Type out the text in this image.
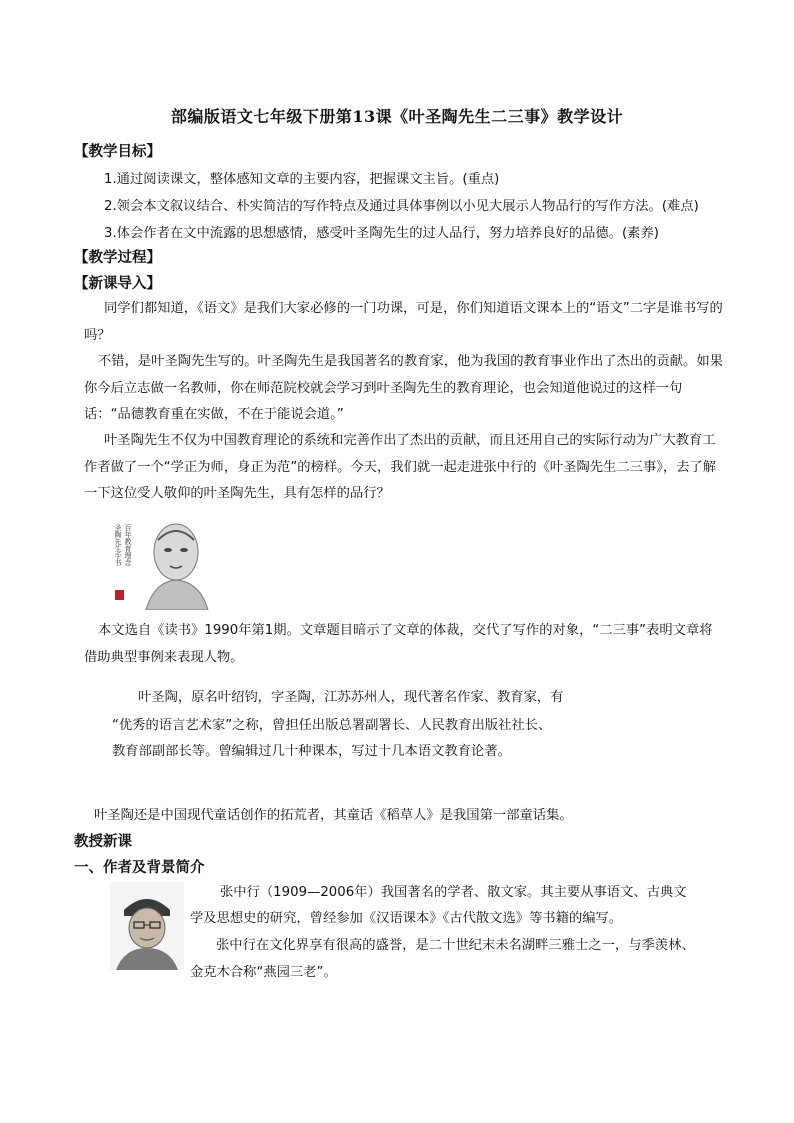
部编版语文七年级下册第13课《叶圣陶先生二三事》教学设计
【教学目标】
1.通过阅读课文，整体感知文章的主要内容，把握课文主旨。(重点)
2.领会本文叙议结合、朴实简洁的写作特点及通过具体事例以小见大展示人物品行的写作方法。(难点)
3.体会作者在文中流露的思想感情，感受叶圣陶先生的过人品行，努力培养良好的品德。(素养)
【教学过程】
【新课导入】
同学们都知道，《语文》是我们大家必修的一门功课，可是，你们知道语文课本上的“语文”二字是谁书写的吗？
不错，是叶圣陶先生写的。叶圣陶先生是我国著名的教育家，他为我国的教育事业作出了杰出的贡献。如果你今后立志做一名教师，你在师范院校就会学习到叶圣陶先生的教育理论，也会知道他说过的这样一句话：“品德教育重在实做，不在于能说会道。”
叶圣陶先生不仅为中国教育理论的系统和完善作出了杰出的贡献，而且还用自己的实际行动为广大教育工作者做了一个“学正为师，身正为范”的榜样。今天，我们就一起走进张中行的《叶圣陶先生二三事》，去了解一下这位受人敬仰的叶圣陶先生，具有怎样的品行？
百年教育理念
圣陶先生手书
本文选自《读书》1990年第1期。文章题目暗示了文章的体裁，交代了写作的对象，“二三事”表明文章将借助典型事例来表现人物。
叶圣陶，原名叶绍钧，字圣陶，江苏苏州人，现代著名作家、教育家，有
“优秀的语言艺术家”之称，曾担任出版总署副署长、人民教育出版社社长、
教育部副部长等。曾编辑过几十种课本，写过十几本语文教育论著。
叶圣陶还是中国现代童话创作的拓荒者，其童话《稻草人》是我国第一部童话集。
教授新课
一、作者及背景简介
张中行（1909—2006年）我国著名的学者、散文家。其主要从事语文、古典文
学及思想史的研究，曾经参加《汉语课本》《古代散文选》等书籍的编写。
张中行在文化界享有很高的盛誉，是二十世纪末未名湖畔三雅士之一，与季羡林、
金克木合称“燕园三老”。
